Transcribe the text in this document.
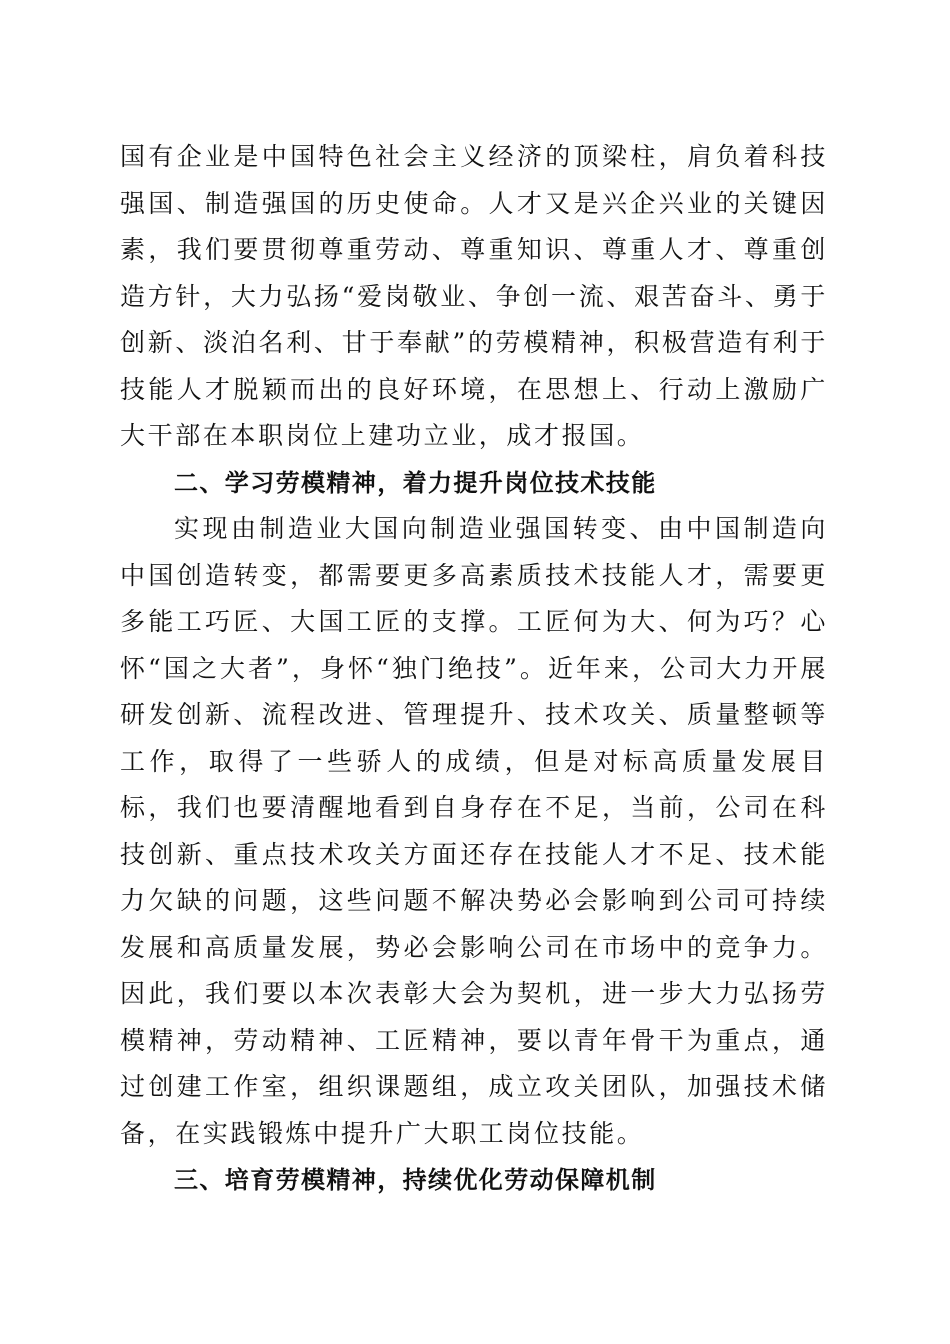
国有企业是中国特色社会主义经济的顶梁柱，肩负着科技强国、制造强国的历史使命。人才又是兴企兴业的关键因素，我们要贯彻尊重劳动、尊重知识、尊重人才、尊重创造方针，大力弘扬“爱岗敬业、争创一流、艰苦奋斗、勇于创新、淡泊名利、甘于奉献”的劳模精神，积极营造有利于技能人才脱颖而出的良好环境，在思想上、行动上激励广大干部在本职岗位上建功立业，成才报国。

二、学习劳模精神，着力提升岗位技术技能

实现由制造业大国向制造业强国转变、由中国制造向中国创造转变，都需要更多高素质技术技能人才，需要更多能工巧匠、大国工匠的支撑。工匠何为大、何为巧？心怀“国之大者”，身怀“独门绝技”。近年来，公司大力开展研发创新、流程改进、管理提升、技术攻关、质量整顿等工作，取得了一些骄人的成绩，但是对标高质量发展目标，我们也要清醒地看到自身存在不足，当前，公司在科技创新、重点技术攻关方面还存在技能人才不足、技术能力欠缺的问题，这些问题不解决势必会影响到公司可持续发展和高质量发展，势必会影响公司在市场中的竞争力。因此，我们要以本次表彰大会为契机，进一步大力弘扬劳模精神，劳动精神、工匠精神，要以青年骨干为重点，通过创建工作室，组织课题组，成立攻关团队，加强技术储备，在实践锻炼中提升广大职工岗位技能。

三、培育劳模精神，持续优化劳动保障机制
